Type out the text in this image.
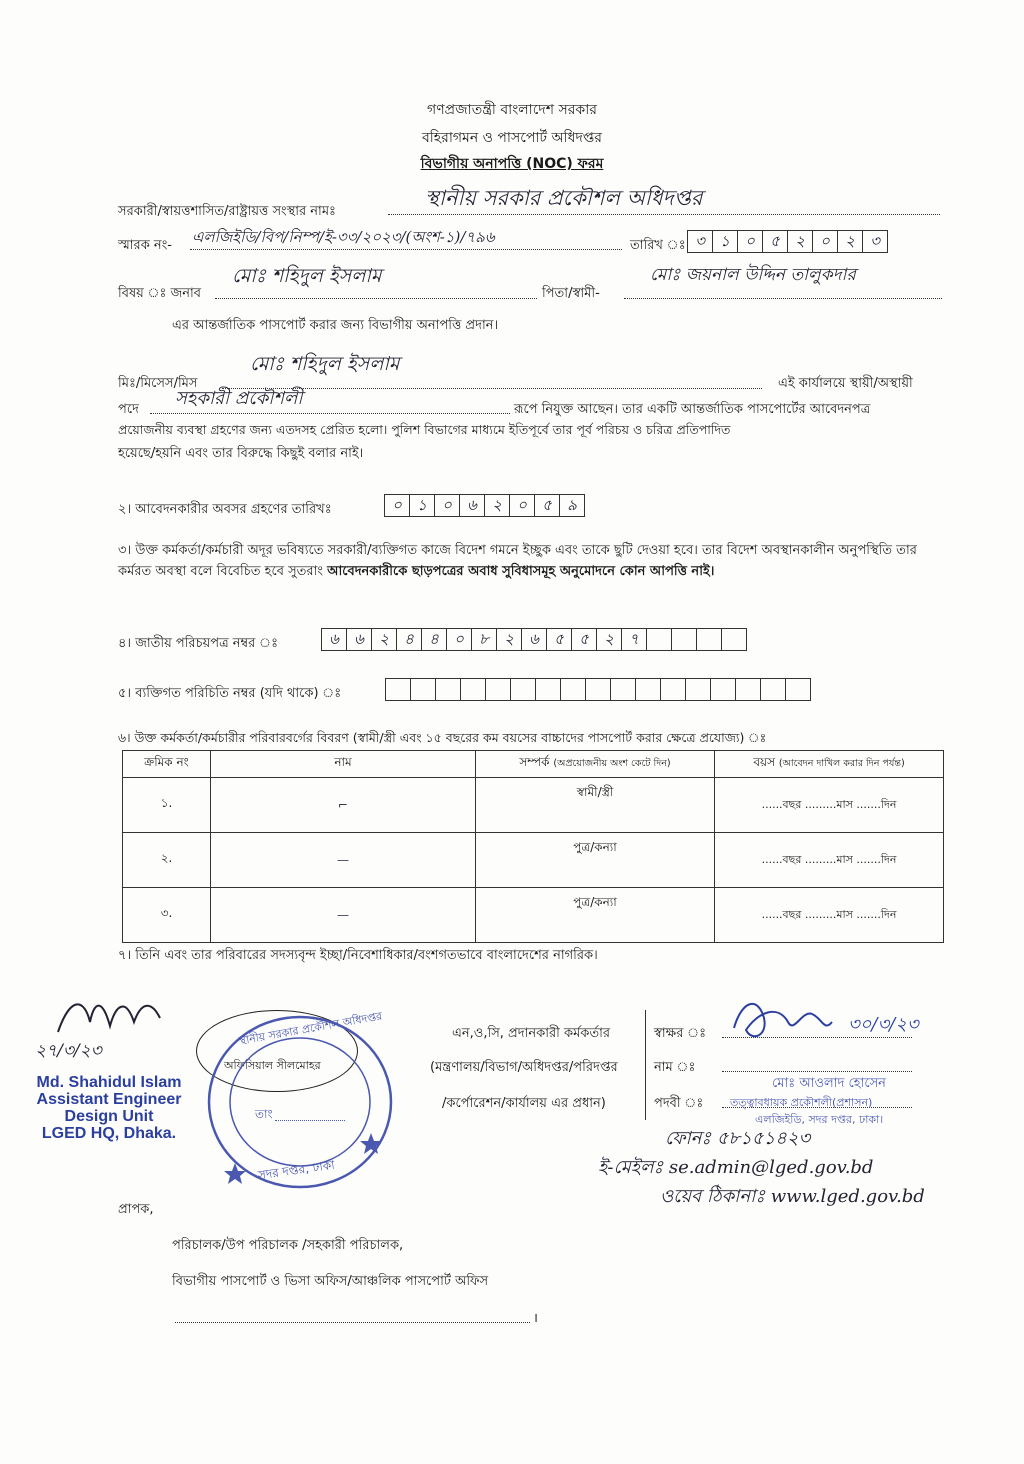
গণপ্রজাতন্ত্রী বাংলাদেশ সরকার
বহিরাগমন ও পাসপোর্ট অধিদপ্তর
বিভাগীয় অনাপত্তি (NOC) ফরম
সরকারী/স্বায়ত্তশাসিত/রাষ্ট্রায়ত্ত সংস্থার নামঃ
স্থানীয় সরকার প্রকৌশল অধিদপ্তর
স্মারক নং- এলজিইডি/বিপ/নিম্প/ই-৩৩/২০২৩/(অংশ-১)/৭৯৬	তারিখ ঃ ৩	১	০	৫	২	০	২	৩
বিষয় ঃ জনাব
মোঃ শহিদুল ইসলাম
পিতা/স্বামী-
মোঃ জয়নাল উদ্দিন তালুকদার
এর আন্তর্জাতিক পাসপোর্ট করার জন্য বিভাগীয় অনাপত্তি প্রদান।
মিঃ/মিসেস/মিস
মোঃ শহিদুল ইসলাম
এই কার্যালয়ে স্থায়ী/অস্থায়ী
পদে
সহকারী প্রকৌশলী
রূপে নিযুক্ত আছেন। তার একটি আন্তর্জাতিক পাসপোর্টের আবেদনপত্র
প্রয়োজনীয় ব্যবস্থা গ্রহণের জন্য এতদসহ প্রেরিত হলো। পুলিশ বিভাগের মাধ্যমে ইতিপূর্বে তার পূর্ব পরিচয় ও চরিত্র প্রতিপাদিত
হয়েছে/হয়নি এবং তার বিরুদ্ধে কিছুই বলার নাই।
২। আবেদনকারীর অবসর গ্রহণের তারিখঃ	০	১	০	৬	২	০	৫	৯
৩। উক্ত কর্মকর্তা/কর্মচারী অদূর ভবিষ্যতে সরকারী/ব্যক্তিগত কাজে বিদেশ গমনে ইচ্ছুক এবং তাকে ছুটি দেওয়া হবে। তার বিদেশ অবস্থানকালীন অনুপস্থিতি তার কর্মরত অবস্থা বলে বিবেচিত হবে সুতরাং আবেদনকারীকে ছাড়পত্রের অবাধ সুবিধাসমূহ অনুমোদনে কোন আপত্তি নাই।
৪। জাতীয় পরিচয়পত্র নম্বর ঃ	৬	৬	২	৪	৪	০	৮	২	৬	৫	৫	২	৭
৫। ব্যক্তিগত পরিচিতি নম্বর (যদি থাকে) ঃ
৬। উক্ত কর্মকর্তা/কর্মচারীর পরিবারবর্গের বিবরণ (স্বামী/স্ত্রী এবং ১৫ বছরের কম বয়সের বাচ্চাদের পাসপোর্ট করার ক্ষেত্রে প্রযোজ্য) ঃ
ক্রমিক নং	নাম	সম্পর্ক (অপ্রয়োজনীয় অংশ কেটে দিন)	বয়স (আবেদন দাখিল করার দিন পর্যন্ত)
১.	⌐	স্বামী/স্ত্রী	......বছর .........মাস .......দিন
২.	—	পুত্র/কন্যা	......বছর .........মাস .......দিন
৩.	—	পুত্র/কন্যা	......বছর .........মাস .......দিন
৭। তিনি এবং তার পরিবারের সদস্যবৃন্দ ইচ্ছা/নিবেশাধিকার/বংশগতভাবে বাংলাদেশের নাগরিক।
২৭/৩/২৩
Md. Shahidul Islam
Assistant Engineer
Design Unit
LGED HQ, Dhaka.
অফিসিয়াল সীলমোহর
স্থানীয় সরকার প্রকৌশল অধিদপ্তর
সদর দপ্তর, ঢাকা
তাং
এন,ও,সি, প্রদানকারী কর্মকর্তার
(মন্ত্রণালয়/বিভাগ/অধিদপ্তর/পরিদপ্তর
/কর্পোরেশন/কার্যালয় এর প্রধান)
স্বাক্ষর ঃ
নাম ঃ
পদবী ঃ
৩০/৩/২৩
মোঃ আওলাদ হোসেন
তত্ত্বাবধায়ক প্রকৌশলী(প্রশাসন)
এলজিইডি, সদর দপ্তর, ঢাকা।
ফোনঃ ৫৮১৫১৪২৩
ই-মেইলঃ se.admin@lged.gov.bd
ওয়েব ঠিকানাঃ www.lged.gov.bd
প্রাপক,
পরিচালক/উপ পরিচালক /সহকারী পরিচালক,
বিভাগীয় পাসপোর্ট ও ভিসা অফিস/আঞ্চলিক পাসপোর্ট অফিস
।
